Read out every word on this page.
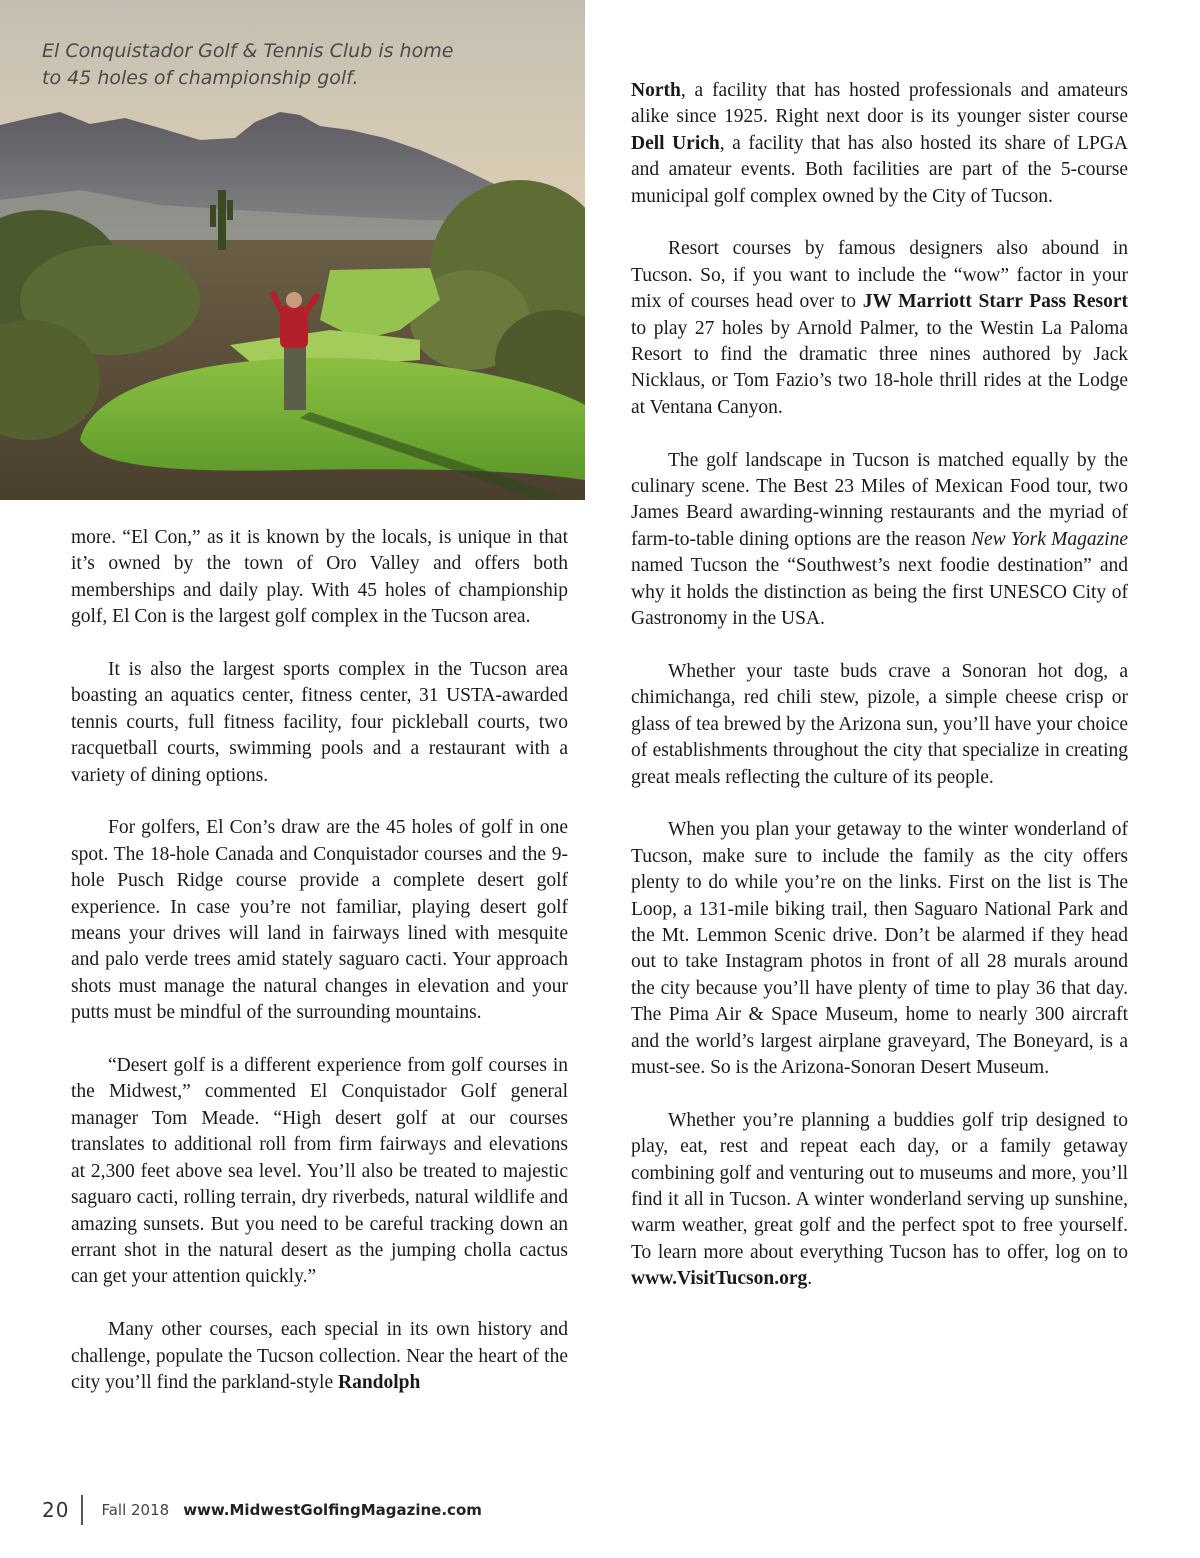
El Conquistador Golf & Tennis Club is home to 45 holes of championship golf.

more. “El Con,” as it is known by the locals, is unique in that it’s owned by the town of Oro Valley and offers both memberships and daily play. With 45 holes of championship golf, El Con is the largest golf complex in the Tucson area.

It is also the largest sports complex in the Tucson area boasting an aquatics center, fitness center, 31 USTA-awarded tennis courts, full fitness facility, four pickleball courts, two racquetball courts, swimming pools and a restaurant with a variety of dining options.

For golfers, El Con’s draw are the 45 holes of golf in one spot. The 18-hole Canada and Conquistador courses and the 9-hole Pusch Ridge course provide a complete desert golf experience. In case you’re not familiar, playing desert golf means your drives will land in fairways lined with mesquite and palo verde trees amid stately saguaro cacti. Your approach shots must manage the natural changes in elevation and your putts must be mindful of the surrounding mountains.

“Desert golf is a different experience from golf courses in the Midwest,” commented El Conquistador Golf general manager Tom Meade. “High desert golf at our courses translates to additional roll from firm fairways and elevations at 2,300 feet above sea level. You’ll also be treated to majestic saguaro cacti, rolling terrain, dry riverbeds, natural wildlife and amazing sunsets. But you need to be careful tracking down an errant shot in the natural desert as the jumping cholla cactus can get your attention quickly.”

Many other courses, each special in its own history and challenge, populate the Tucson collection. Near the heart of the city you’ll find the parkland-style Randolph

North, a facility that has hosted professionals and amateurs alike since 1925. Right next door is its younger sister course Dell Urich, a facility that has also hosted its share of LPGA and amateur events. Both facilities are part of the 5-course municipal golf complex owned by the City of Tucson.

Resort courses by famous designers also abound in Tucson. So, if you want to include the “wow” factor in your mix of courses head over to JW Marriott Starr Pass Resort to play 27 holes by Arnold Palmer, to the Westin La Paloma Resort to find the dramatic three nines authored by Jack Nicklaus, or Tom Fazio’s two 18-hole thrill rides at the Lodge at Ventana Canyon.

The golf landscape in Tucson is matched equally by the culinary scene. The Best 23 Miles of Mexican Food tour, two James Beard awarding-winning restaurants and the myriad of farm-to-table dining options are the reason New York Magazine named Tucson the “Southwest’s next foodie destination” and why it holds the distinction as being the first UNESCO City of Gastronomy in the USA.

Whether your taste buds crave a Sonoran hot dog, a chimichanga, red chili stew, pizole, a simple cheese crisp or glass of tea brewed by the Arizona sun, you’ll have your choice of establishments throughout the city that specialize in creating great meals reflecting the culture of its people.

When you plan your getaway to the winter wonderland of Tucson, make sure to include the family as the city offers plenty to do while you’re on the links. First on the list is The Loop, a 131-mile biking trail, then Saguaro National Park and the Mt. Lemmon Scenic drive. Don’t be alarmed if they head out to take Instagram photos in front of all 28 murals around the city because you’ll have plenty of time to play 36 that day. The Pima Air & Space Museum, home to nearly 300 aircraft and the world’s largest airplane graveyard, The Boneyard, is a must-see. So is the Arizona-Sonoran Desert Museum.

Whether you’re planning a buddies golf trip designed to play, eat, rest and repeat each day, or a family getaway combining golf and venturing out to museums and more, you’ll find it all in Tucson. A winter wonderland serving up sunshine, warm weather, great golf and the perfect spot to free yourself. To learn more about everything Tucson has to offer, log on to www.VisitTucson.org.

20 Fall 2018 www.MidwestGolfingMagazine.com
